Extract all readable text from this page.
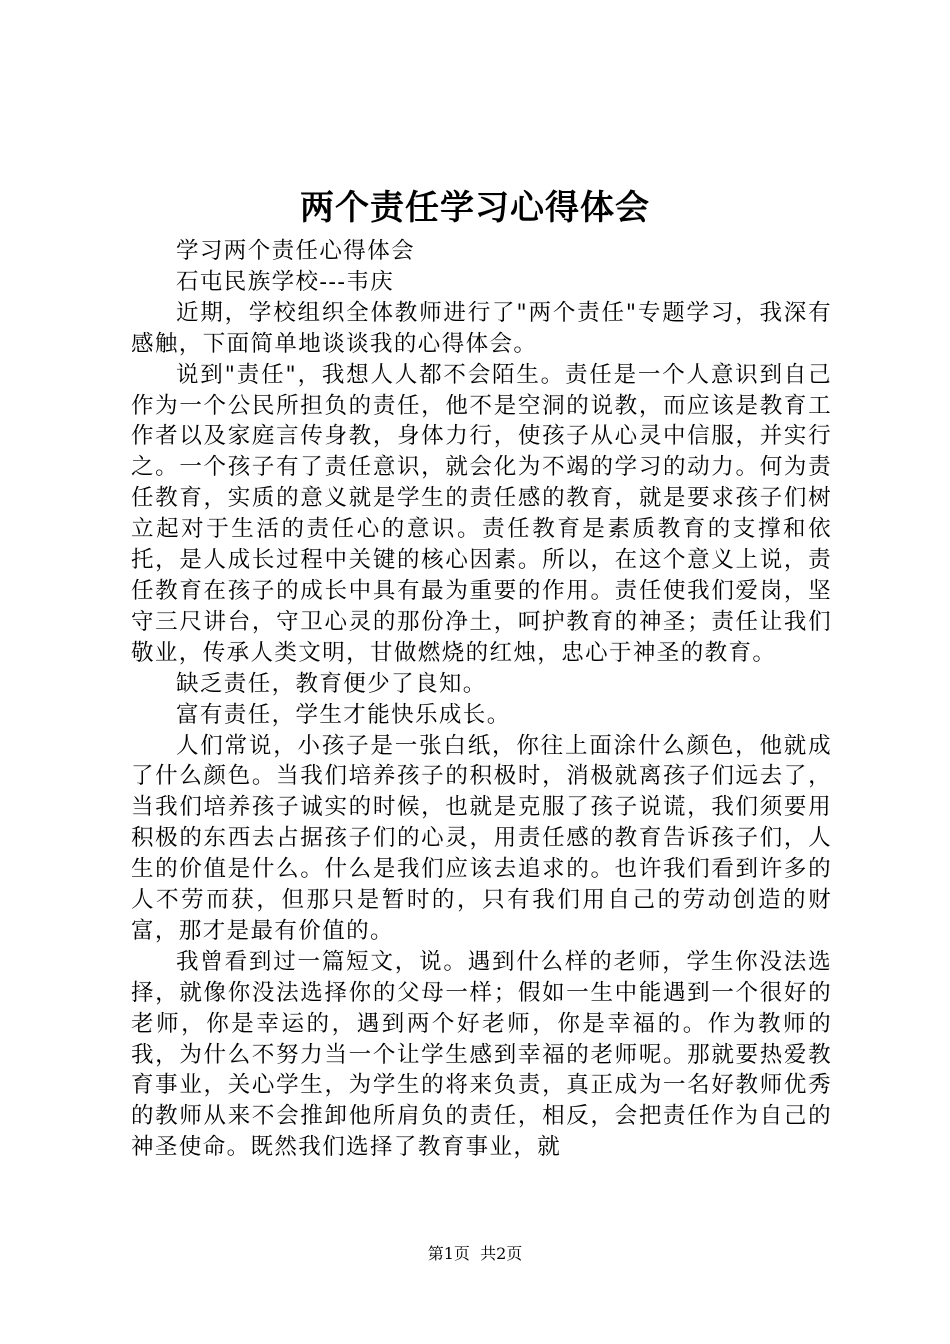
两个责任学习心得体会

学习两个责任心得体会

石屯民族学校---韦庆

近期，学校组织全体教师进行了"两个责任"专题学习，我深有感触，下面简单地谈谈我的心得体会。

说到"责任"，我想人人都不会陌生。责任是一个人意识到自己作为一个公民所担负的责任，他不是空洞的说教，而应该是教育工作者以及家庭言传身教，身体力行，使孩子从心灵中信服，并实行之。一个孩子有了责任意识，就会化为不竭的学习的动力。何为责任教育，实质的意义就是学生的责任感的教育，就是要求孩子们树立起对于生活的责任心的意识。责任教育是素质教育的支撑和依托，是人成长过程中关键的核心因素。所以，在这个意义上说，责任教育在孩子的成长中具有最为重要的作用。责任使我们爱岗，坚守三尺讲台，守卫心灵的那份净土，呵护教育的神圣；责任让我们敬业，传承人类文明，甘做燃烧的红烛，忠心于神圣的教育。

缺乏责任，教育便少了良知。

富有责任，学生才能快乐成长。

人们常说，小孩子是一张白纸，你往上面涂什么颜色，他就成了什么颜色。当我们培养孩子的积极时，消极就离孩子们远去了，当我们培养孩子诚实的时候，也就是克服了孩子说谎，我们须要用积极的东西去占据孩子们的心灵，用责任感的教育告诉孩子们，人生的价值是什么。什么是我们应该去追求的。也许我们看到许多的人不劳而获，但那只是暂时的，只有我们用自己的劳动创造的财富，那才是最有价值的。

我曾看到过一篇短文，说。遇到什么样的老师，学生你没法选择，就像你没法选择你的父母一样；假如一生中能遇到一个很好的老师，你是幸运的，遇到两个好老师，你是幸福的。作为教师的我，为什么不努力当一个让学生感到幸福的老师呢。那就要热爱教育事业，关心学生，为学生的将来负责，真正成为一名好教师优秀的教师从来不会推卸他所肩负的责任，相反，会把责任作为自己的神圣使命。既然我们选择了教育事业，就

第1页 共2页
